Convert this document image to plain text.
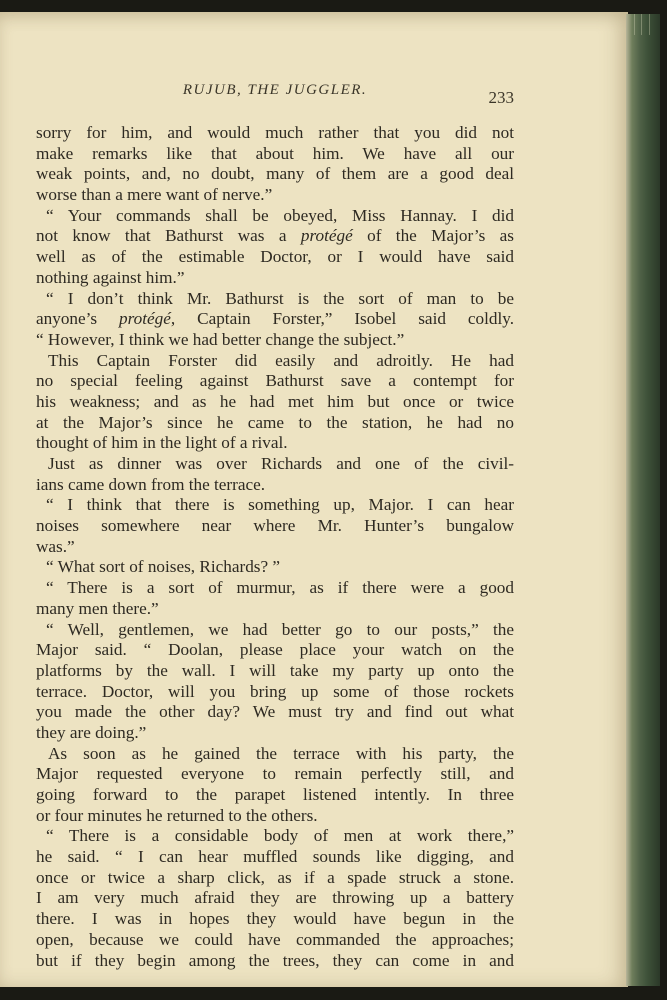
RUJUB, THE JUGGLER.	233
sorry for him, and would much rather that you did not
make remarks like that about him. We have all our
weak points, and, no doubt, many of them are a good deal
worse than a mere want of nerve.”
“ Your commands shall be obeyed, Miss Hannay. I did
not know that Bathurst was a protégé of the Major’s as
well as of the estimable Doctor, or I would have said
nothing against him.”
“ I don’t think Mr. Bathurst is the sort of man to be
anyone’s protégé, Captain Forster,” Isobel said coldly.
“ However, I think we had better change the subject.”
This Captain Forster did easily and adroitly. He had
no special feeling against Bathurst save a contempt for
his weakness; and as he had met him but once or twice
at the Major’s since he came to the station, he had no
thought of him in the light of a rival.
Just as dinner was over Richards and one of the civil-
ians came down from the terrace.
“ I think that there is something up, Major. I can hear
noises somewhere near where Mr. Hunter’s bungalow
was.”
“ What sort of noises, Richards? ”
“ There is a sort of murmur, as if there were a good
many men there.”
“ Well, gentlemen, we had better go to our posts,” the
Major said. “ Doolan, please place your watch on the
platforms by the wall. I will take my party up onto the
terrace. Doctor, will you bring up some of those rockets
you made the other day? We must try and find out what
they are doing.”
As soon as he gained the terrace with his party, the
Major requested everyone to remain perfectly still, and
going forward to the parapet listened intently. In three
or four minutes he returned to the others.
“ There is a considable body of men at work there,”
he said. “ I can hear muffled sounds like digging, and
once or twice a sharp click, as if a spade struck a stone.
I am very much afraid they are throwing up a battery
there. I was in hopes they would have begun in the
open, because we could have commanded the approaches;
but if they begin among the trees, they can come in and
